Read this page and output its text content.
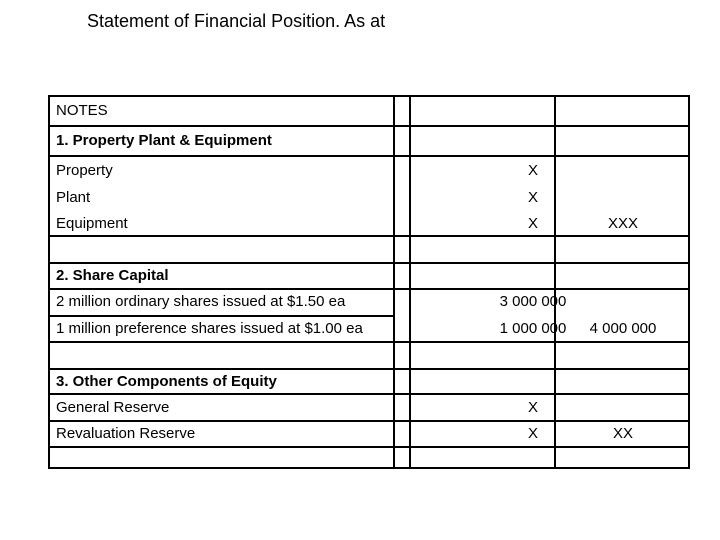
Statement of Financial Position. As at
NOTES
1. Property Plant & Equipment
Property	X
Plant	X
Equipment	X	XXX
2. Share Capital
2 million ordinary shares issued at $1.50 ea	3 000 000
1 million preference shares issued at $1.00 ea	1 000 000	4 000 000
3. Other Components of Equity
General Reserve	X
Revaluation Reserve	X	XX
